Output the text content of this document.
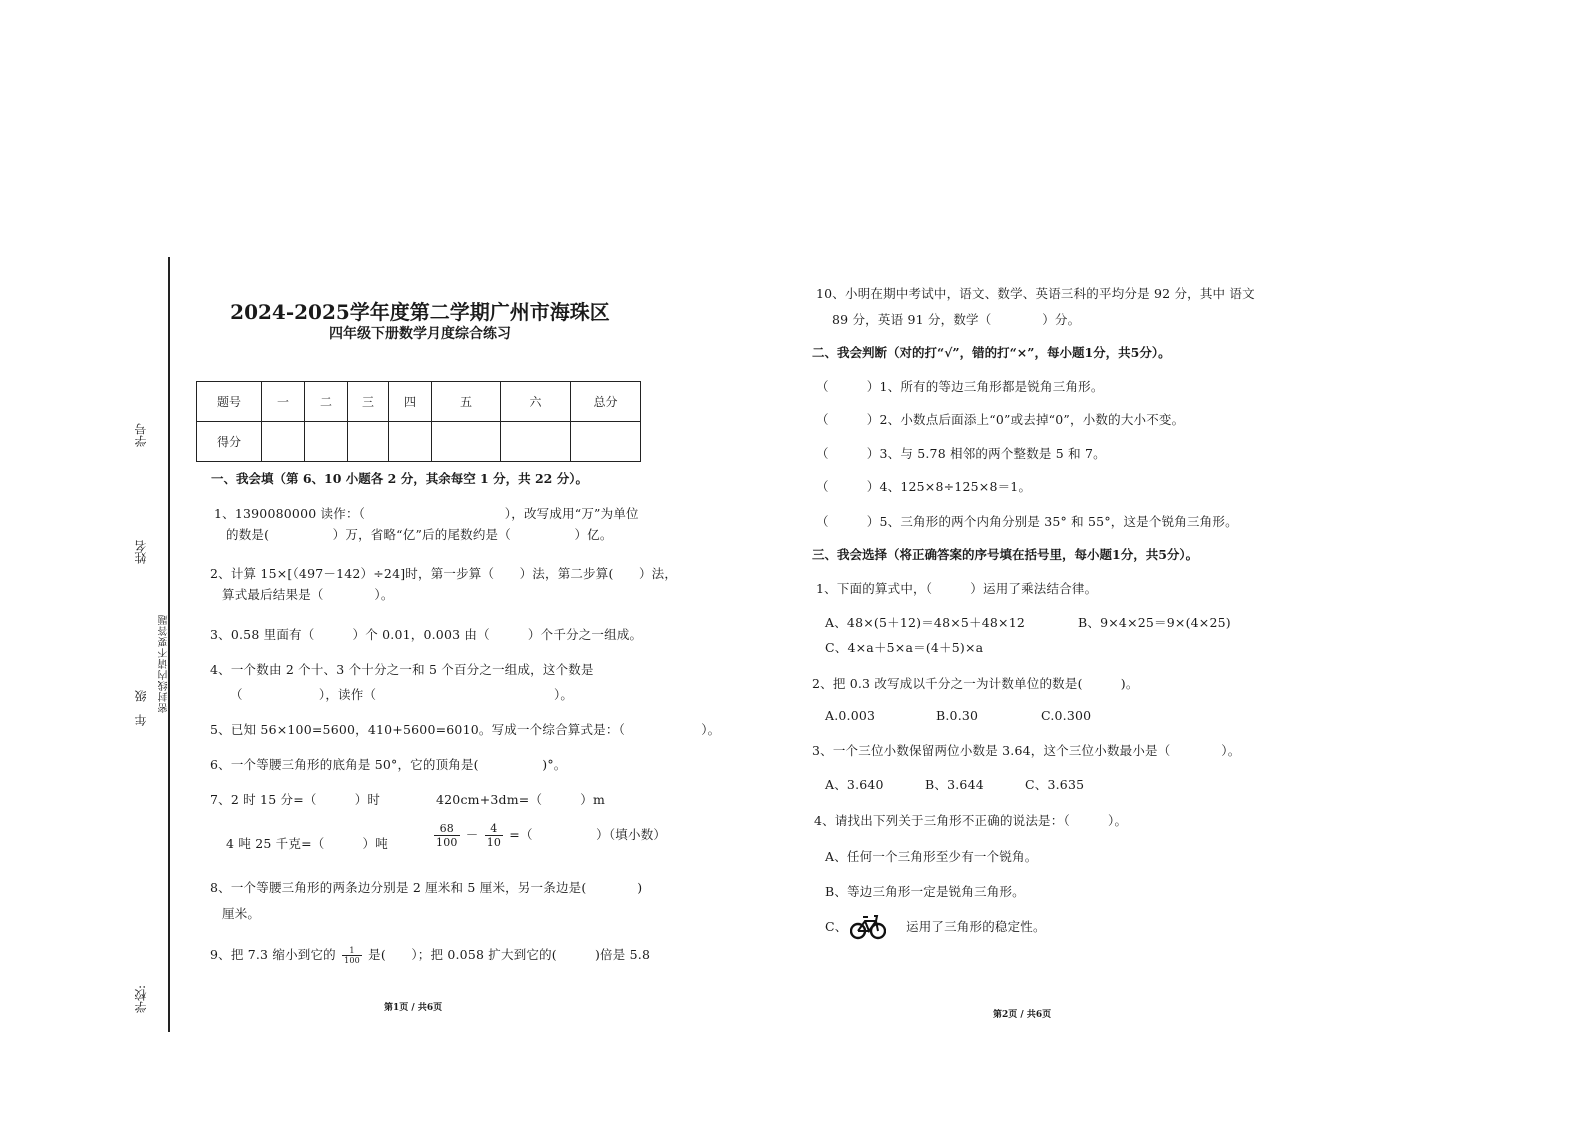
学号
姓名
密封线内请不要答题
年　级
学校:
2024-2025学年度第二学期广州市海珠区
四年级下册数学月度综合练习
题号	一	二	三	四	五	六	总分
得分							
一、我会填（第 6、10 小题各 2 分，其余每空 1 分，共 22 分）。
1、1390080000 读作：（　　　　　　　　　　　），改写成用“万”为单位
的数是(　　　　　）万，省略“亿”后的尾数约是（　　　　　）亿。
2、计算 15×[（497－142）÷24]时，第一步算（　　）法，第二步算(　　）法，
算式最后结果是（　　　　）。
3、0.58 里面有（　　　）个 0.01，0.003 由（　　　）个千分之一组成。
4、一个数由 2 个十、3 个十分之一和 5 个百分之一组成，这个数是
（　　　　　　），读作（　　　　　　　　　　　　　　）。
5、已知 56×100=5600，410+5600=6010。写成一个综合算式是：（　　　　　　）。
6、一个等腰三角形的底角是 50°，它的顶角是(　　　　　)°。
7、2 时 15 分=（　　　）时	420cm+3dm=（　　　）m
4 吨 25 千克=（　　　）吨	$\frac{68}{100} - \frac{4}{10}$ =（　　　　　）（填小数）
8、一个等腰三角形的两条边分别是 2 厘米和 5 厘米，另一条边是(　　　　)
厘米。
9、把 7.3 缩小到它的 $\frac{1}{100}$ 是(　　）；把 0.058 扩大到它的(　　　)倍是 5.8
第1页 / 共6页
10、小明在期中考试中，语文、数学、英语三科的平均分是 92 分，其中 语文
89 分，英语 91 分，数学（　　　　）分。
二、我会判断（对的打“√”，错的打“×”，每小题1分，共5分）。
（　　　）1、所有的等边三角形都是锐角三角形。
（　　　）2、小数点后面添上“0”或去掉“0”，小数的大小不变。
（　　　）3、与 5.78 相邻的两个整数是 5 和 7。
（　　　）4、125×8÷125×8＝1。
（　　　）5、三角形的两个内角分别是 35° 和 55°，这是个锐角三角形。
三、我会选择（将正确答案的序号填在括号里，每小题1分，共5分）。
1、下面的算式中，（　　　）运用了乘法结合律。
A、48×(5＋12)＝48×5＋48×12	B、9×4×25＝9×(4×25)
C、4×a＋5×a＝(4＋5)×a
2、把 0.3 改写成以千分之一为计数单位的数是(　　　)。
A.0.003	B.0.30	C.0.300
3、一个三位小数保留两位小数是 3.64，这个三位小数最小是（　　　　）。
A、3.640	B、3.644	C、3.635
4、请找出下列关于三角形不正确的说法是：（　　　）。
A、任何一个三角形至少有一个锐角。
B、等边三角形一定是锐角三角形。
C、	运用了三角形的稳定性。
第2页 / 共6页
